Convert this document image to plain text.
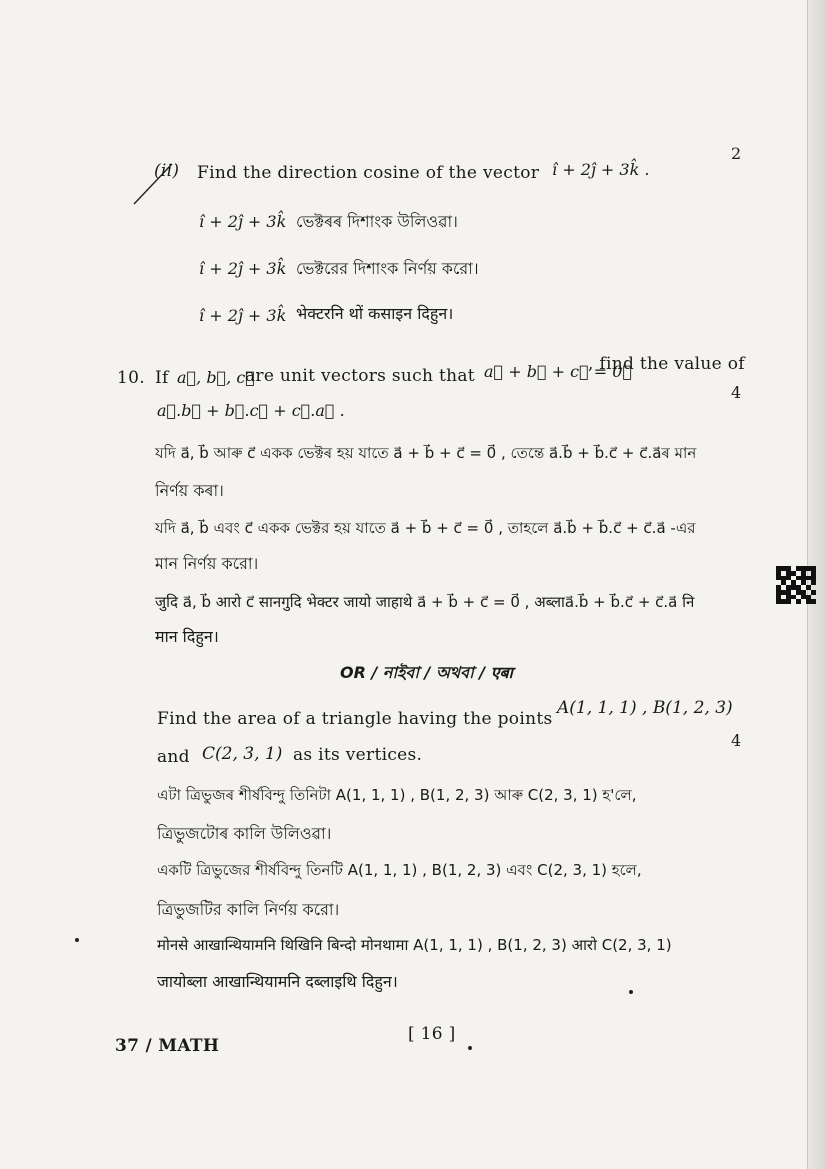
2
(ii) Find the direction cosine of the vector î + 2ĵ + 3k̂ .
î + 2ĵ + 3k̂ ভেক্টৰৰ দিশাংক উলিওৱা।
î + 2ĵ + 3k̂ ভেক্টরের দিশাংক নির্ণয় করো।
î + 2ĵ + 3k̂ भेक्टरनि थों कसाइन दिहुन।
10. If a⃗, b⃗, c⃗
are unit vectors such that a⃗ + b⃗ + c⃗ = 0⃗
, find the value of
4
a⃗.b⃗ + b⃗.c⃗ + c⃗.a⃗ .
যদি a⃗, b⃗ আৰু c⃗ একক ভেক্টৰ হয় যাতে a⃗ + b⃗ + c⃗ = 0⃗ , তেন্তে a⃗.b⃗ + b⃗.c⃗ + c⃗.a⃗ৰ মান
নিৰ্ণয় কৰা।
যদি a⃗, b⃗ এবং c⃗ একক ভেক্টর হয় যাতে a⃗ + b⃗ + c⃗ = 0⃗ , তাহলে a⃗.b⃗ + b⃗.c⃗ + c⃗.a⃗ -এর
মান নির্ণয় করো।
जुदि a⃗, b⃗ आरो c⃗ सानगुदि भेक्टर जायो जाहाथे a⃗ + b⃗ + c⃗ = 0⃗ , अब्लाa⃗.b⃗ + b⃗.c⃗ + c⃗.a⃗ नि
मान दिहुन।
OR / নাইবা / অথবা / एबा
Find the area of a triangle having the points
A(1, 1, 1) , B(1, 2, 3)
and C(2, 3, 1) as its vertices.
4
এটা ত্ৰিভুজৰ শীৰ্ষবিন্দু তিনিটা A(1, 1, 1) , B(1, 2, 3) আৰু C(2, 3, 1) হ'লে,
ত্ৰিভুজটোৰ কালি উলিওৱা।
একটি ত্রিভুজের শীর্ষবিন্দু তিনটি A(1, 1, 1) , B(1, 2, 3) এবং C(2, 3, 1) হলে,
ত্রিভুজটির কালি নির্ণয় করো।
मोनसे आखान्थियामनि थिखिनि बिन्दो मोनथामा A(1, 1, 1) , B(1, 2, 3) आरो C(2, 3, 1)
जायोब्ला आखान्थियामनि दब्लाइथि दिहुन।
37 / MATH
[ 16 ]
